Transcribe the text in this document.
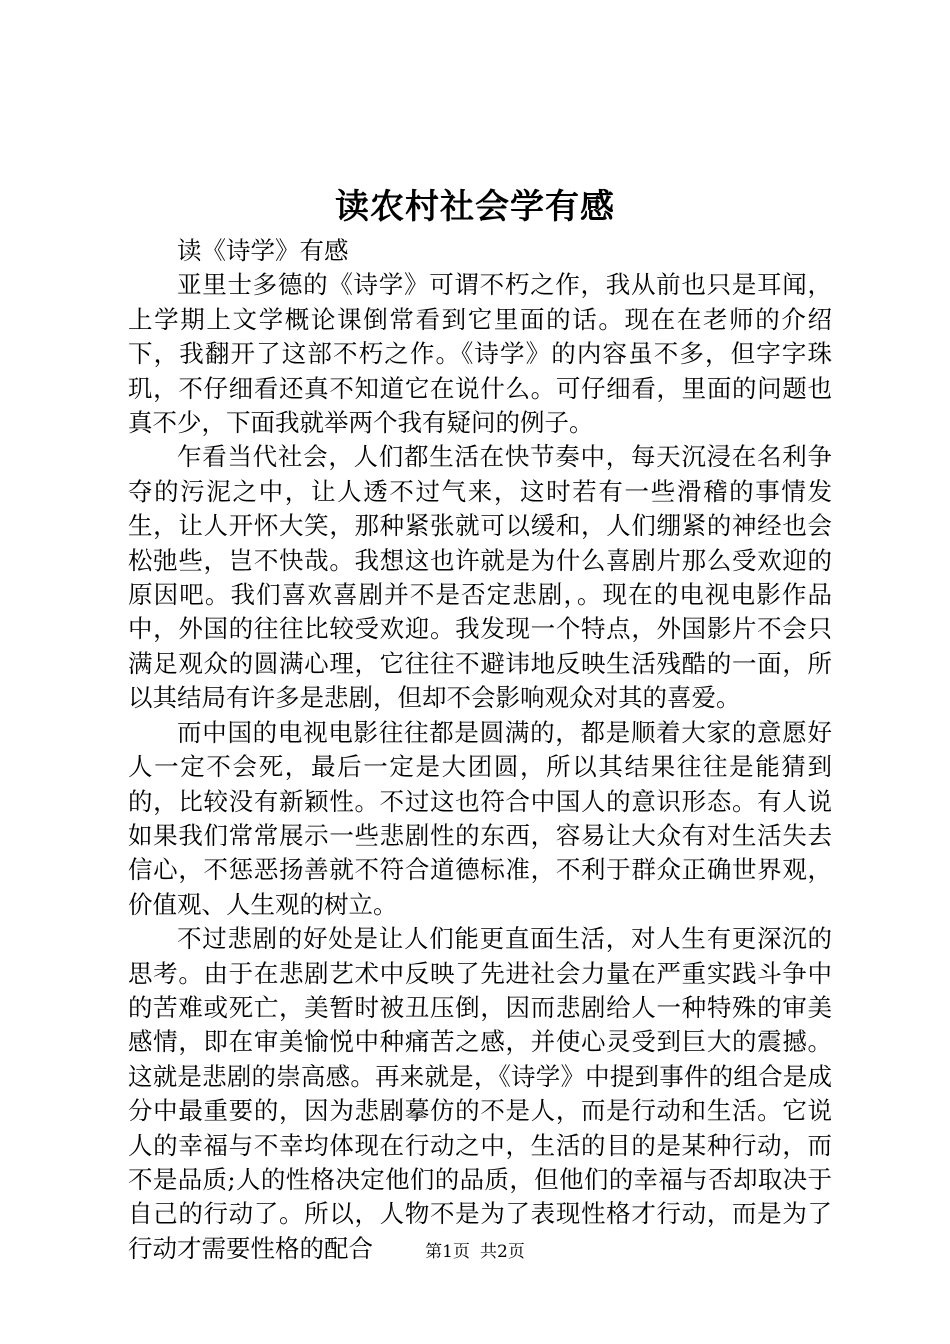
读农村社会学有感

读《诗学》有感

亚里士多德的《诗学》可谓不朽之作，我从前也只是耳闻，上学期上文学概论课倒常看到它里面的话。现在在老师的介绍下，我翻开了这部不朽之作。《诗学》的内容虽不多，但字字珠玑，不仔细看还真不知道它在说什么。可仔细看，里面的问题也真不少，下面我就举两个我有疑问的例子。

乍看当代社会，人们都生活在快节奏中，每天沉浸在名利争夺的污泥之中，让人透不过气来，这时若有一些滑稽的事情发生，让人开怀大笑，那种紧张就可以缓和，人们绷紧的神经也会松弛些，岂不快哉。我想这也许就是为什么喜剧片那么受欢迎的原因吧。我们喜欢喜剧并不是否定悲剧，。现在的电视电影作品中，外国的往往比较受欢迎。我发现一个特点，外国影片不会只满足观众的圆满心理，它往往不避讳地反映生活残酷的一面，所以其结局有许多是悲剧，但却不会影响观众对其的喜爱。

而中国的电视电影往往都是圆满的，都是顺着大家的意愿好人一定不会死，最后一定是大团圆，所以其结果往往是能猜到的，比较没有新颖性。不过这也符合中国人的意识形态。有人说如果我们常常展示一些悲剧性的东西，容易让大众有对生活失去信心，不惩恶扬善就不符合道德标准，不利于群众正确世界观，价值观、人生观的树立。

不过悲剧的好处是让人们能更直面生活，对人生有更深沉的思考。由于在悲剧艺术中反映了先进社会力量在严重实践斗争中的苦难或死亡，美暂时被丑压倒，因而悲剧给人一种特殊的审美感情，即在审美愉悦中种痛苦之感，并使心灵受到巨大的震撼。这就是悲剧的崇高感。再来就是，《诗学》中提到事件的组合是成分中最重要的，因为悲剧摹仿的不是人，而是行动和生活。它说人的幸福与不幸均体现在行动之中，生活的目的是某种行动，而不是品质;人的性格决定他们的品质，但他们的幸福与否却取决于自己的行动了。所以，人物不是为了表现性格才行动，而是为了行动才需要性格的配合	第1页 共2页
